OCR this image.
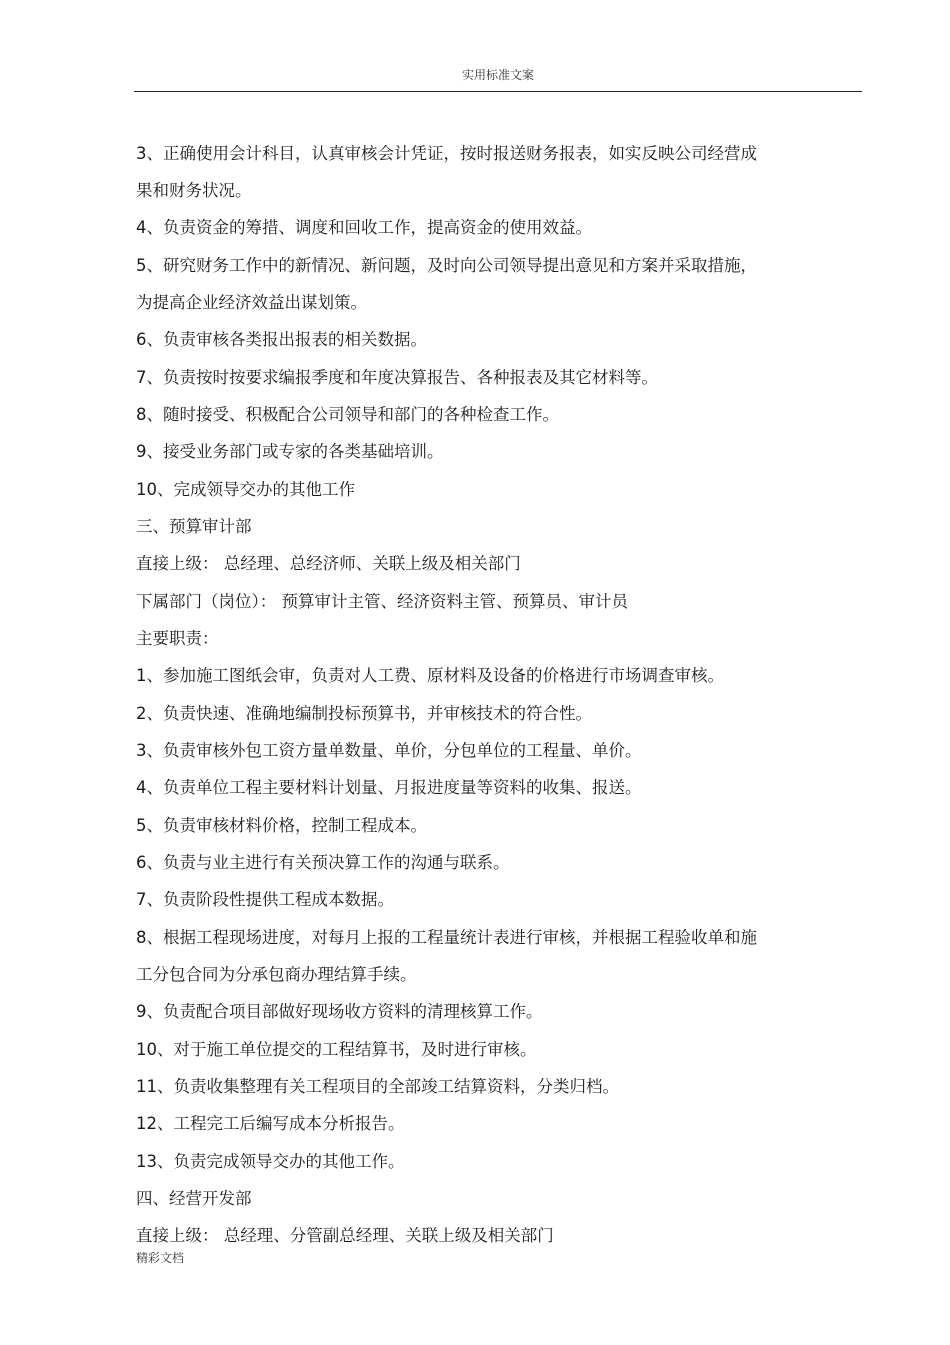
实用标准文案
3、正确使用会计科目，认真审核会计凭证，按时报送财务报表，如实反映公司经营成
果和财务状况。
4、负责资金的筹措、调度和回收工作，提高资金的使用效益。
5、研究财务工作中的新情况、新问题，及时向公司领导提出意见和方案并采取措施，
为提高企业经济效益出谋划策。
6、负责审核各类报出报表的相关数据。
7、负责按时按要求编报季度和年度决算报告、各种报表及其它材料等。
8、随时接受、积极配合公司领导和部门的各种检查工作。
9、接受业务部门或专家的各类基础培训。
10、完成领导交办的其他工作
三、预算审计部
直接上级： 总经理、总经济师、关联上级及相关部门
下属部门（岗位）： 预算审计主管、经济资料主管、预算员、审计员
主要职责：
1、参加施工图纸会审，负责对人工费、原材料及设备的价格进行市场调查审核。
2、负责快速、准确地编制投标预算书，并审核技术的符合性。
3、负责审核外包工资方量单数量、单价，分包单位的工程量、单价。
4、负责单位工程主要材料计划量、月报进度量等资料的收集、报送。
5、负责审核材料价格，控制工程成本。
6、负责与业主进行有关预决算工作的沟通与联系。
7、负责阶段性提供工程成本数据。
8、根据工程现场进度，对每月上报的工程量统计表进行审核，并根据工程验收单和施
工分包合同为分承包商办理结算手续。
9、负责配合项目部做好现场收方资料的清理核算工作。
10、对于施工单位提交的工程结算书，及时进行审核。
11、负责收集整理有关工程项目的全部竣工结算资料，分类归档。
12、工程完工后编写成本分析报告。
13、负责完成领导交办的其他工作。
四、经营开发部
直接上级： 总经理、分管副总经理、关联上级及相关部门
精彩文档
